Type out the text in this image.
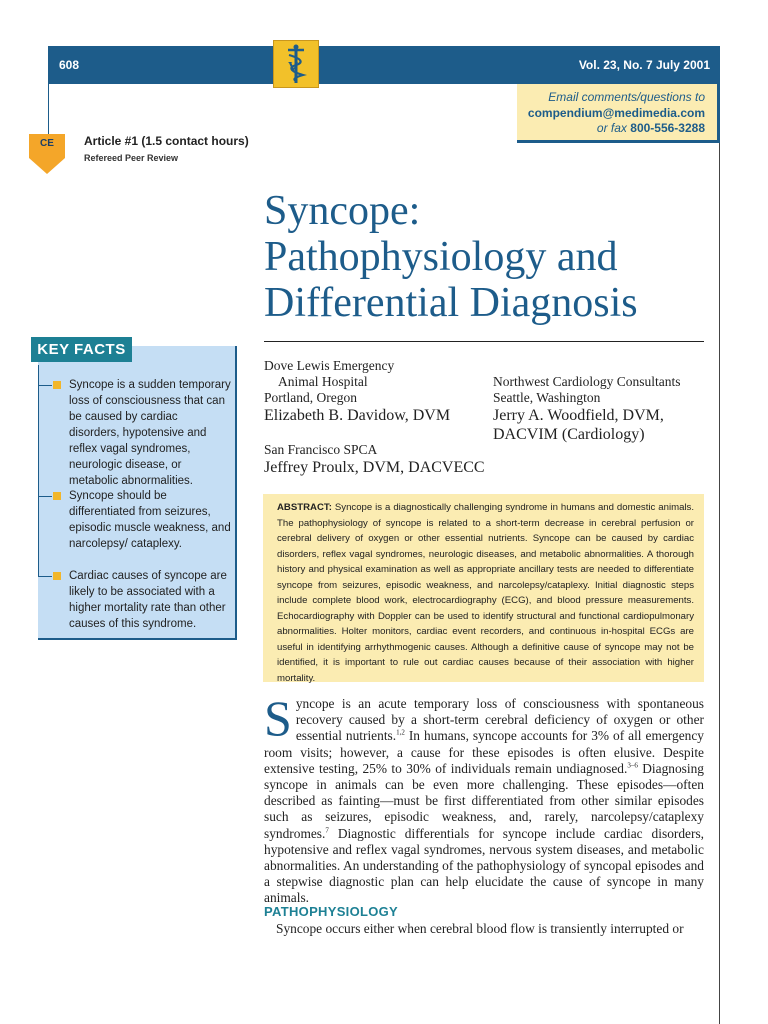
608	Vol. 23, No. 7 July 2001
V
Email comments/questions to
compendium@medimedia.com
or fax 800-556-3288
CE	Article #1 (1.5 contact hours)
Refereed Peer Review
Syncope:
Pathophysiology and
Differential Diagnosis
Dove Lewis Emergency
Animal Hospital
Portland, Oregon
Elizabeth B. Davidow, DVM
San Francisco SPCA
Jeffrey Proulx, DVM, DACVECC
Northwest Cardiology Consultants
Seattle, Washington
Jerry A. Woodfield, DVM,
DACVIM (Cardiology)
KEY FACTS
Syncope is a sudden temporary loss of consciousness that can be caused by cardiac disorders, hypotensive and reflex vagal syndromes, neurologic disease, or metabolic abnormalities.
Syncope should be differentiated from seizures, episodic muscle weakness, and narcolepsy/ cataplexy.
Cardiac causes of syncope are likely to be associated with a higher mortality rate than other causes of this syndrome.
ABSTRACT: Syncope is a diagnostically challenging syndrome in humans and domestic animals. The pathophysiology of syncope is related to a short-term decrease in cerebral perfusion or cerebral delivery of oxygen or other essential nutrients. Syncope can be caused by cardiac disorders, reflex vagal syndromes, neurologic diseases, and metabolic abnormalities. A thorough history and physical examination as well as appropriate ancillary tests are needed to differentiate syncope from seizures, episodic weakness, and narcolepsy/cataplexy. Initial diagnostic steps include complete blood work, electrocardiography (ECG), and blood pressure measurements. Echocardiography with Doppler can be used to identify structural and functional cardiopulmonary abnormalities. Holter monitors, cardiac event recorders, and continuous in-hospital ECGs are useful in identifying arrhythmogenic causes. Although a definitive cause of syncope may not be identified, it is important to rule out cardiac causes because of their association with higher mortality.
Syncope is an acute temporary loss of consciousness with spontaneous recovery caused by a short-term cerebral deficiency of oxygen or other essential nutrients.$^{1,2}$ In humans, syncope accounts for 3% of all emergency room visits; however, a cause for these episodes is often elusive. Despite extensive testing, 25% to 30% of individuals remain undiagnosed.$^{3-6}$ Diagnosing syncope in animals can be even more challenging. These episodes—often described as fainting—must be first differentiated from other similar episodes such as seizures, episodic weakness, and, rarely, narcolepsy/cataplexy syndromes.$^7$ Diagnostic differentials for syncope include cardiac disorders, hypotensive and reflex vagal syndromes, nervous system diseases, and metabolic abnormalities. An understanding of the pathophysiology of syncopal episodes and a stepwise diagnostic plan can help elucidate the cause of syncope in many animals.
PATHOPHYSIOLOGY
Syncope occurs either when cerebral blood flow is transiently interrupted or
